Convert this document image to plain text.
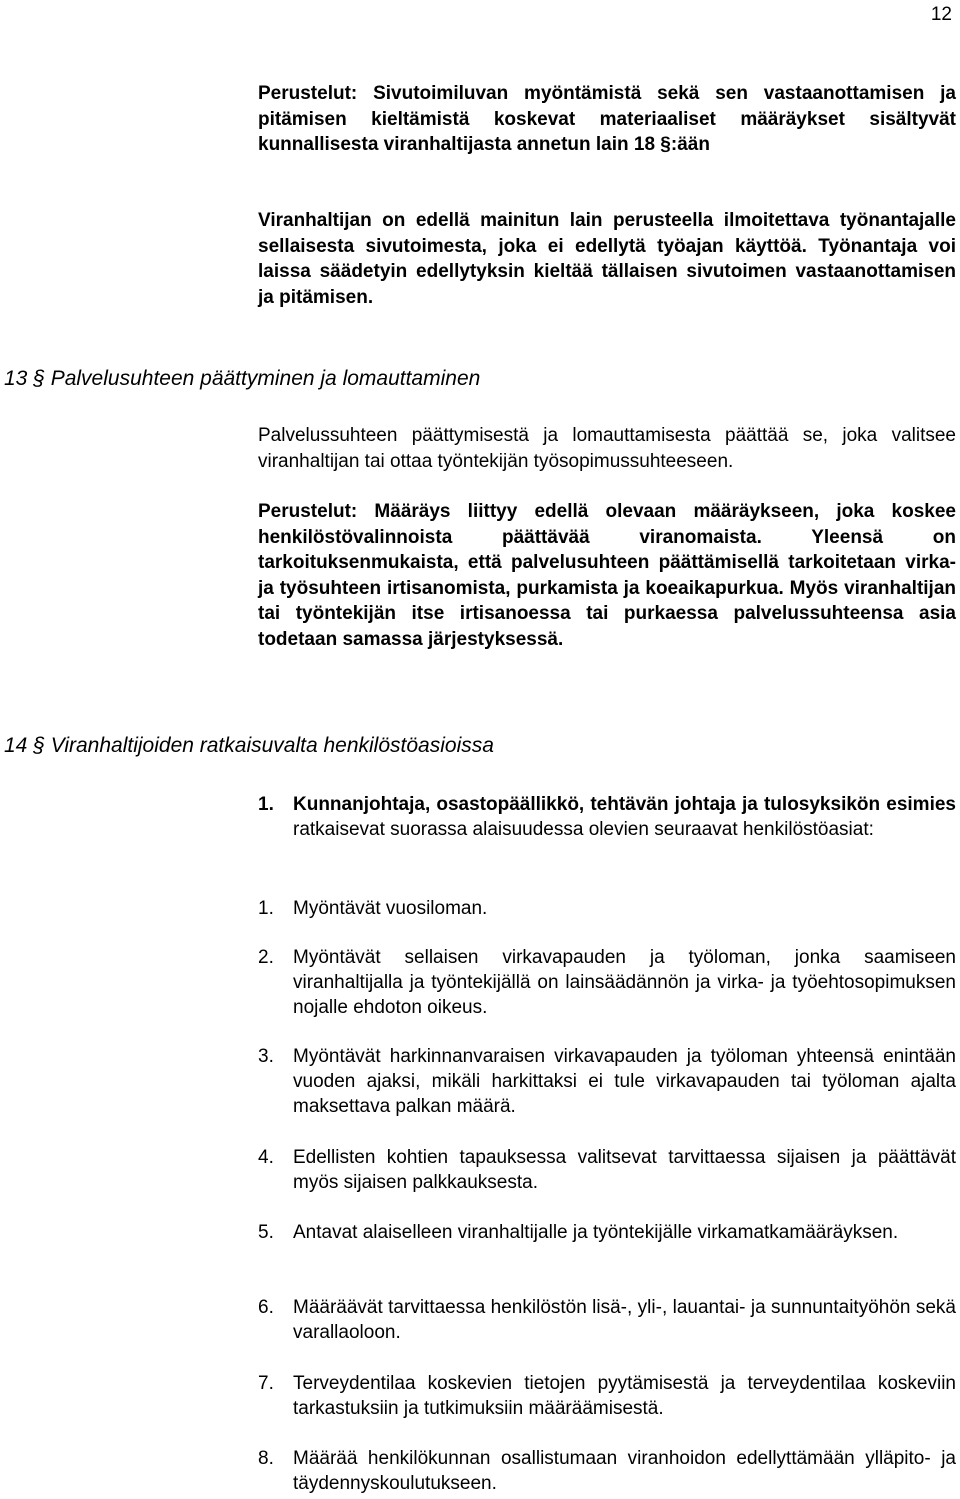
12
Perustelut: Sivutoimiluvan myöntämistä sekä sen vastaanottamisen ja pitämisen kieltämistä koskevat materiaaliset määräykset sisältyvät kunnallisesta viranhaltijasta annetun lain 18 §:ään
Viranhaltijan on edellä mainitun lain perusteella ilmoitettava työnantajalle sellaisesta sivutoimesta, joka ei edellytä työajan käyttöä. Työnantaja voi laissa säädetyin edellytyksin kieltää tällaisen sivutoimen vastaanottamisen ja pitämisen.
13 § Palvelusuhteen päättyminen ja lomauttaminen
Palvelussuhteen päättymisestä ja lomauttamisesta päättää se, joka valitsee viranhaltijan tai ottaa työntekijän työsopimussuhteeseen.
Perustelut: Määräys liittyy edellä olevaan määräykseen, joka koskee henkilöstövalinnoista päättävää viranomaista. Yleensä on tarkoituksenmukaista, että palvelusuhteen päättämisellä tarkoitetaan virka- ja työsuhteen irtisanomista, purkamista ja koeaikapurkua. Myös viranhaltijan tai työntekijän itse irtisanoessa tai purkaessa palvelussuhteensa asia todetaan samassa järjestyksessä.
14 § Viranhaltijoiden ratkaisuvalta henkilöstöasioissa
1.	Kunnanjohtaja, osastopäällikkö, tehtävän johtaja ja tulosyksikön esimies ratkaisevat suorassa alaisuudessa olevien seuraavat henkilöstöasiat:
1.	Myöntävät vuosiloman.
2.	Myöntävät sellaisen virkavapauden ja työloman, jonka saamiseen viranhaltijalla ja työntekijällä on lainsäädännön ja virka- ja työehtosopimuksen nojalle ehdoton oikeus.
3.	Myöntävät harkinnanvaraisen virkavapauden ja työloman yhteensä enintään vuoden ajaksi, mikäli harkittaksi ei tule virkavapauden tai työloman ajalta maksettava palkan määrä.
4.	Edellisten kohtien tapauksessa valitsevat tarvittaessa sijaisen ja päättävät myös sijaisen palkkauksesta.
5.	Antavat alaiselleen viranhaltijalle ja työntekijälle virkamatkamääräyksen.
6.	Määräävät tarvittaessa henkilöstön lisä-, yli-, lauantai- ja sunnuntaityöhön sekä varallaoloon.
7.	Terveydentilaa koskevien tietojen pyytämisestä ja terveydentilaa koskeviin tarkastuksiin ja tutkimuksiin määräämisestä.
8.	Määrää henkilökunnan osallistumaan viranhoidon edellyttämään ylläpito- ja täydennyskoulutukseen.
